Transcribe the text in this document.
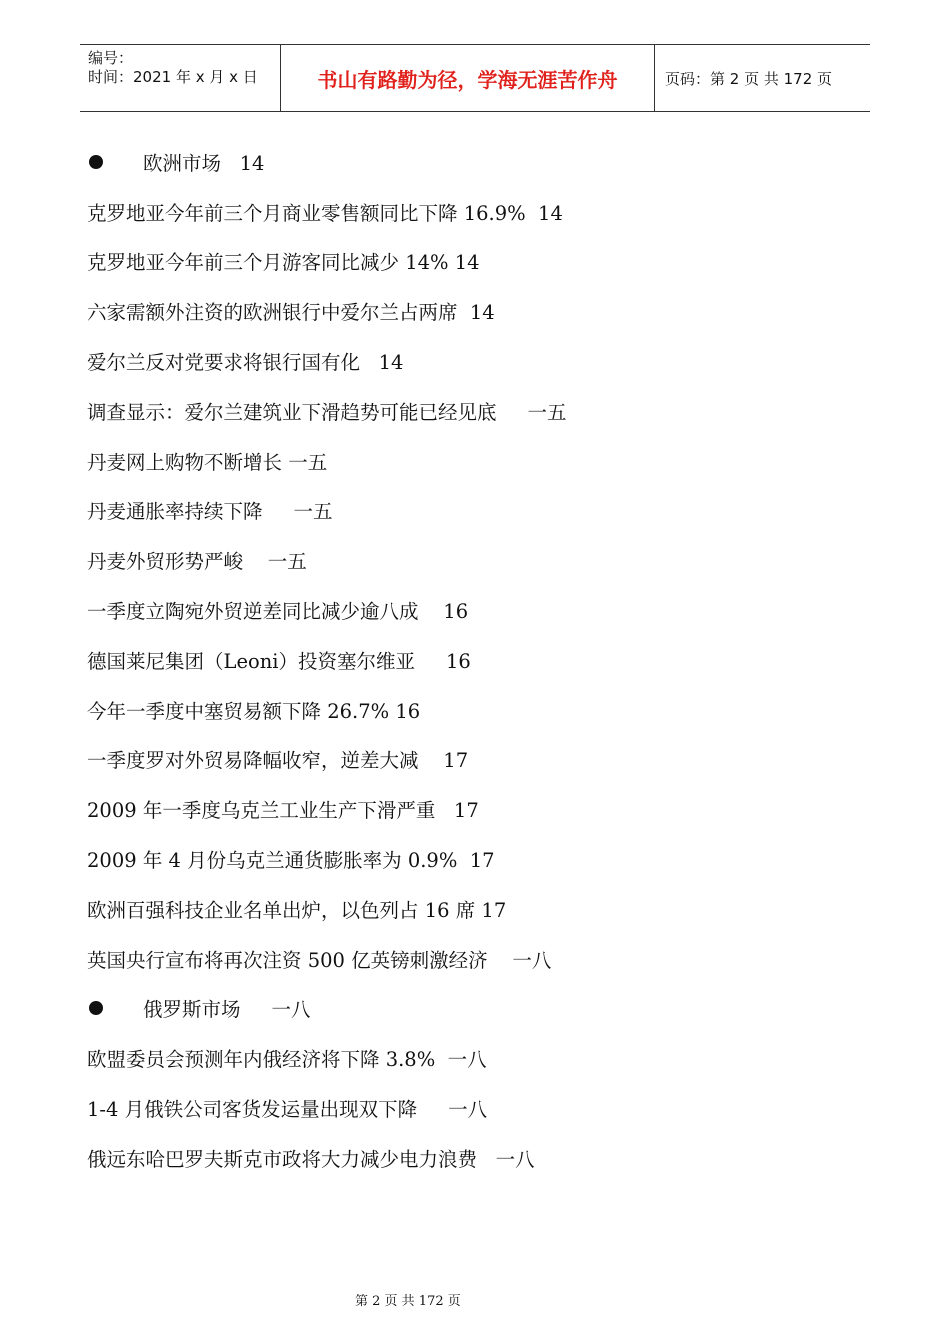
编号：
时间：2021 年 x 月 x 日	书山有路勤为径，学海无涯苦作舟	页码：第 2 页 共 172 页
欧洲市场   14
克罗地亚今年前三个月商业零售额同比下降 16.9%  14
克罗地亚今年前三个月游客同比减少 14% 14
六家需额外注资的欧洲银行中爱尔兰占两席  14
爱尔兰反对党要求将银行国有化   14
调查显示：爱尔兰建筑业下滑趋势可能已经见底     一五
丹麦网上购物不断增长 一五
丹麦通胀率持续下降     一五
丹麦外贸形势严峻    一五
一季度立陶宛外贸逆差同比减少逾八成    16
德国莱尼集团（Leoni）投资塞尔维亚     16
今年一季度中塞贸易额下降 26.7% 16
一季度罗对外贸易降幅收窄，逆差大减    17
2009 年一季度乌克兰工业生产下滑严重   17
2009 年 4 月份乌克兰通货膨胀率为 0.9%  17
欧洲百强科技企业名单出炉，以色列占 16 席 17
英国央行宣布将再次注资 500 亿英镑刺激经济    一八
俄罗斯市场     一八
欧盟委员会预测年内俄经济将下降 3.8%  一八
1-4 月俄铁公司客货发运量出现双下降     一八
俄远东哈巴罗夫斯克市政将大力减少电力浪费   一八
第 2 页 共 172 页
